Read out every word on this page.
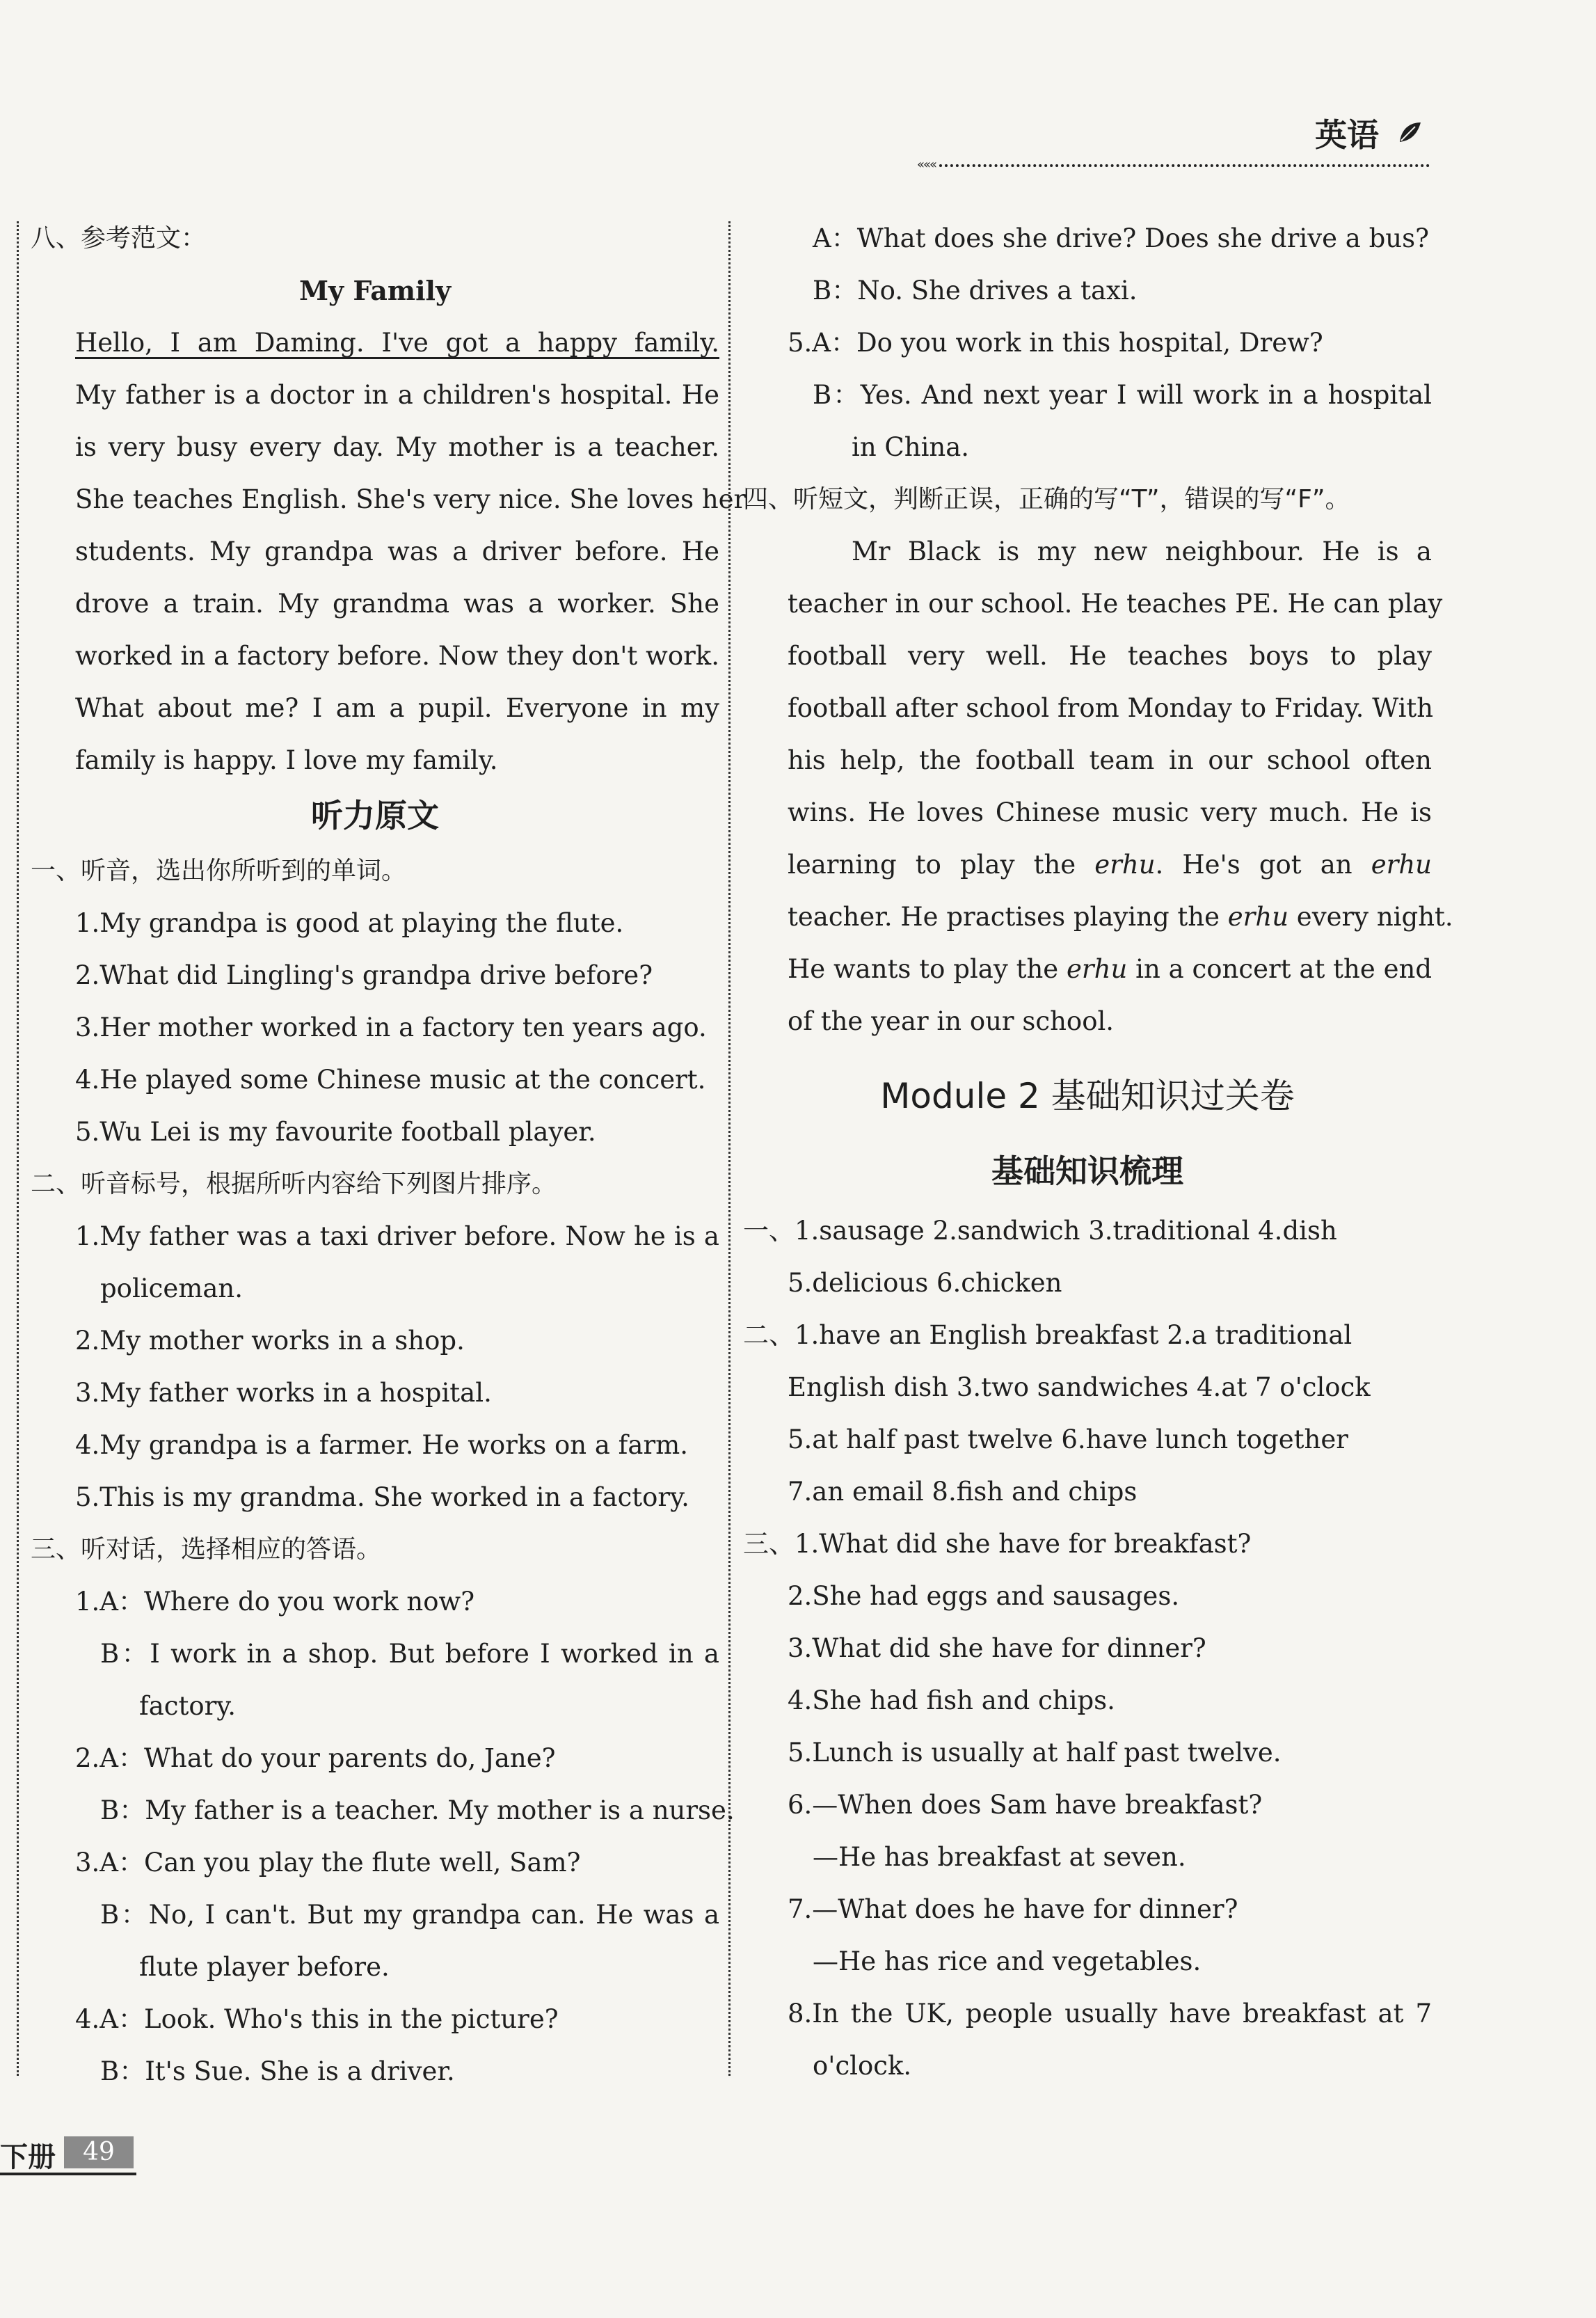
英语
«««
八、参考范文：
My Family
Hello, I am Daming. I've got a happy family.
My father is a doctor in a children's hospital. He
is very busy every day. My mother is a teacher.
She teaches English. She's very nice. She loves her
students. My grandpa was a driver before. He
drove a train. My grandma was a worker. She
worked in a factory before. Now they don't work.
What about me? I am a pupil. Everyone in my
family is happy. I love my family.
听力原文
一、听音，选出你所听到的单词。
1.My grandpa is good at playing the flute.
2.What did Lingling's grandpa drive before?
3.Her mother worked in a factory ten years ago.
4.He played some Chinese music at the concert.
5.Wu Lei is my favourite football player.
二、听音标号，根据所听内容给下列图片排序。
1.My father was a taxi driver before. Now he is a
policeman.
2.My mother works in a shop.
3.My father works in a hospital.
4.My grandpa is a farmer. He works on a farm.
5.This is my grandma. She worked in a factory.
三、听对话，选择相应的答语。
1.A：Where do you work now?
B：I work in a shop. But before I worked in a
factory.
2.A：What do your parents do, Jane?
B：My father is a teacher. My mother is a nurse.
3.A：Can you play the flute well, Sam?
B：No, I can't. But my grandpa can. He was a
flute player before.
4.A：Look. Who's this in the picture?
B：It's Sue. She is a driver.
A：What does she drive? Does she drive a bus?
B：No. She drives a taxi.
5.A：Do you work in this hospital, Drew?
B：Yes. And next year I will work in a hospital
in China.
四、听短文，判断正误，正确的写“T”，错误的写“F”。
Mr Black is my new neighbour. He is a
teacher in our school. He teaches PE. He can play
football very well. He teaches boys to play
football after school from Monday to Friday. With
his help, the football team in our school often
wins. He loves Chinese music very much. He is
learning to play the erhu. He's got an erhu
teacher. He practises playing the erhu every night.
He wants to play the erhu in a concert at the end
of the year in our school.
Module 2 基础知识过关卷
基础知识梳理
一、1.sausage 2.sandwich 3.traditional 4.dish
5.delicious 6.chicken
二、1.have an English breakfast 2.a traditional
English dish 3.two sandwiches 4.at 7 o'clock
5.at half past twelve 6.have lunch together
7.an email 8.fish and chips
三、1.What did she have for breakfast?
2.She had eggs and sausages.
3.What did she have for dinner?
4.She had fish and chips.
5.Lunch is usually at half past twelve.
6.—When does Sam have breakfast?
—He has breakfast at seven.
7.—What does he have for dinner?
—He has rice and vegetables.
8.In the UK, people usually have breakfast at 7
o'clock.
下册	49
